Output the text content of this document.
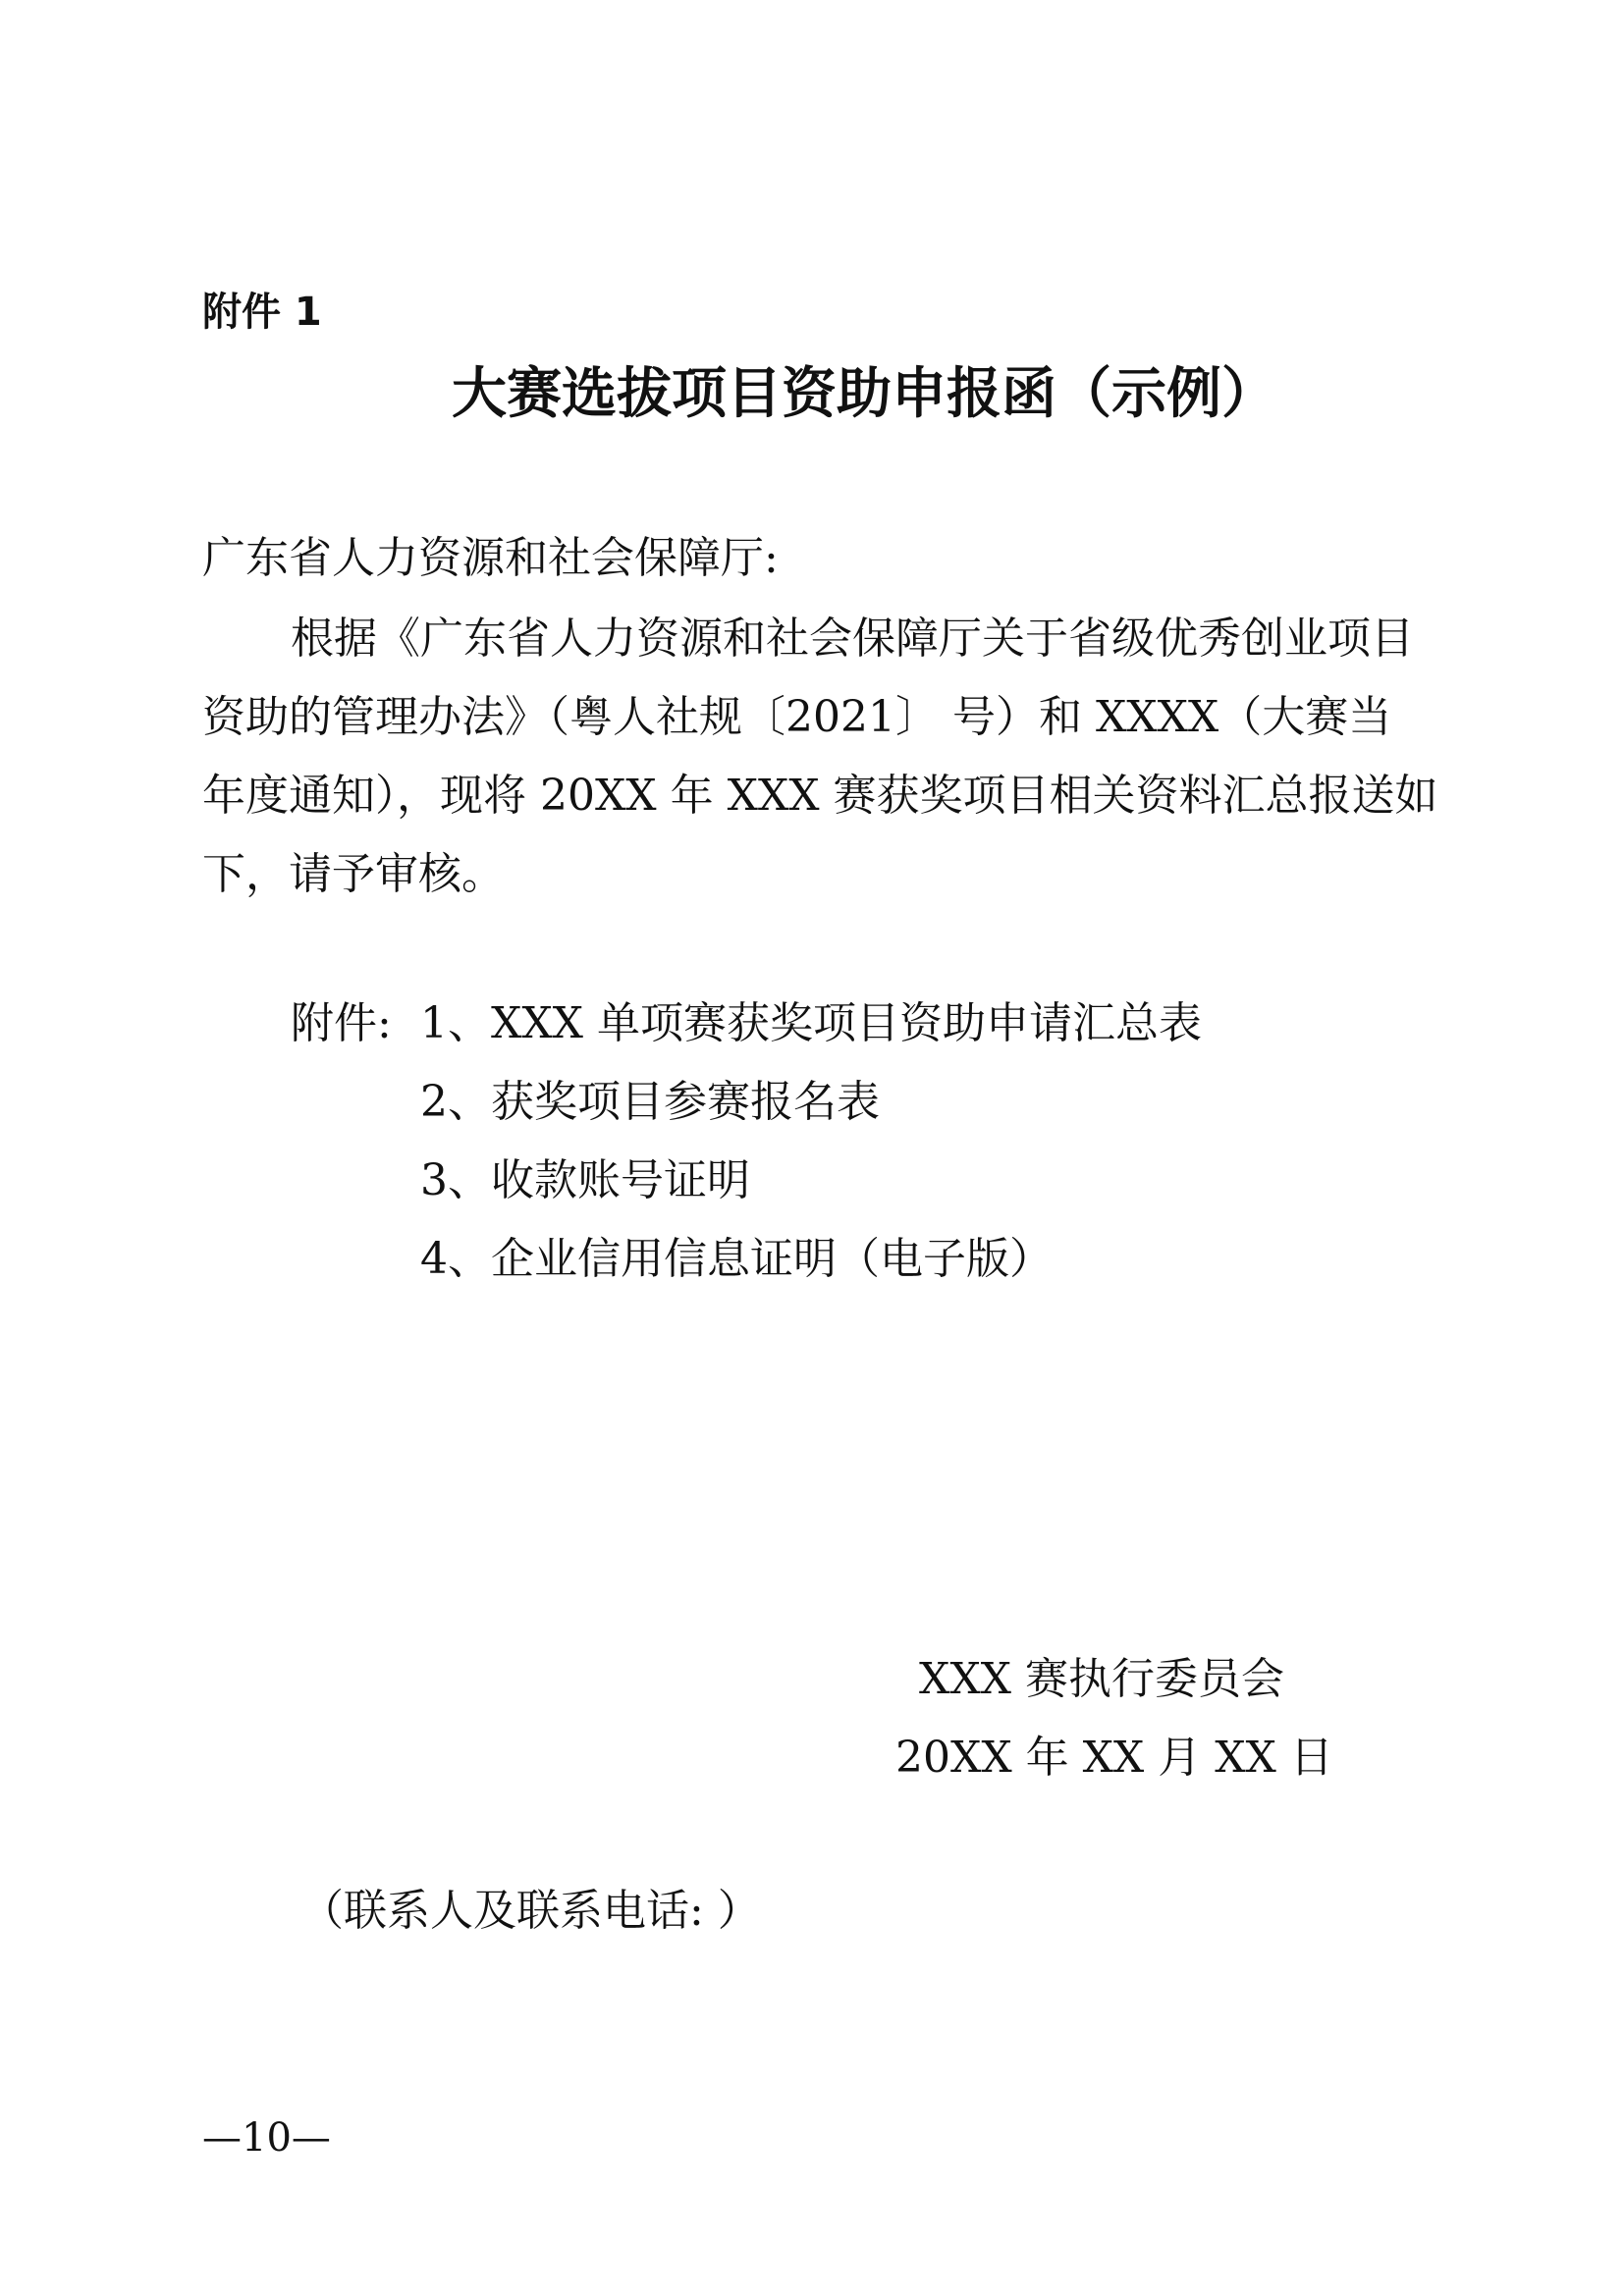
附件 1
大赛选拔项目资助申报函（示例）
广东省人力资源和社会保障厅:
根据《广东省人力资源和社会保障厅关于省级优秀创业项目
资助的管理办法》（粤人社规〔2021〕 号）和 XXXX（大赛当
年度通知），现将 20XX 年 XXX 赛获奖项目相关资料汇总报送如
下，请予审核。
附件: 1、XXX 单项赛获奖项目资助申请汇总表
2、获奖项目参赛报名表
3、收款账号证明
4、企业信用信息证明（电子版）
XXX 赛执行委员会
20XX 年 XX 月 XX 日
（联系人及联系电话: ）
—10—
